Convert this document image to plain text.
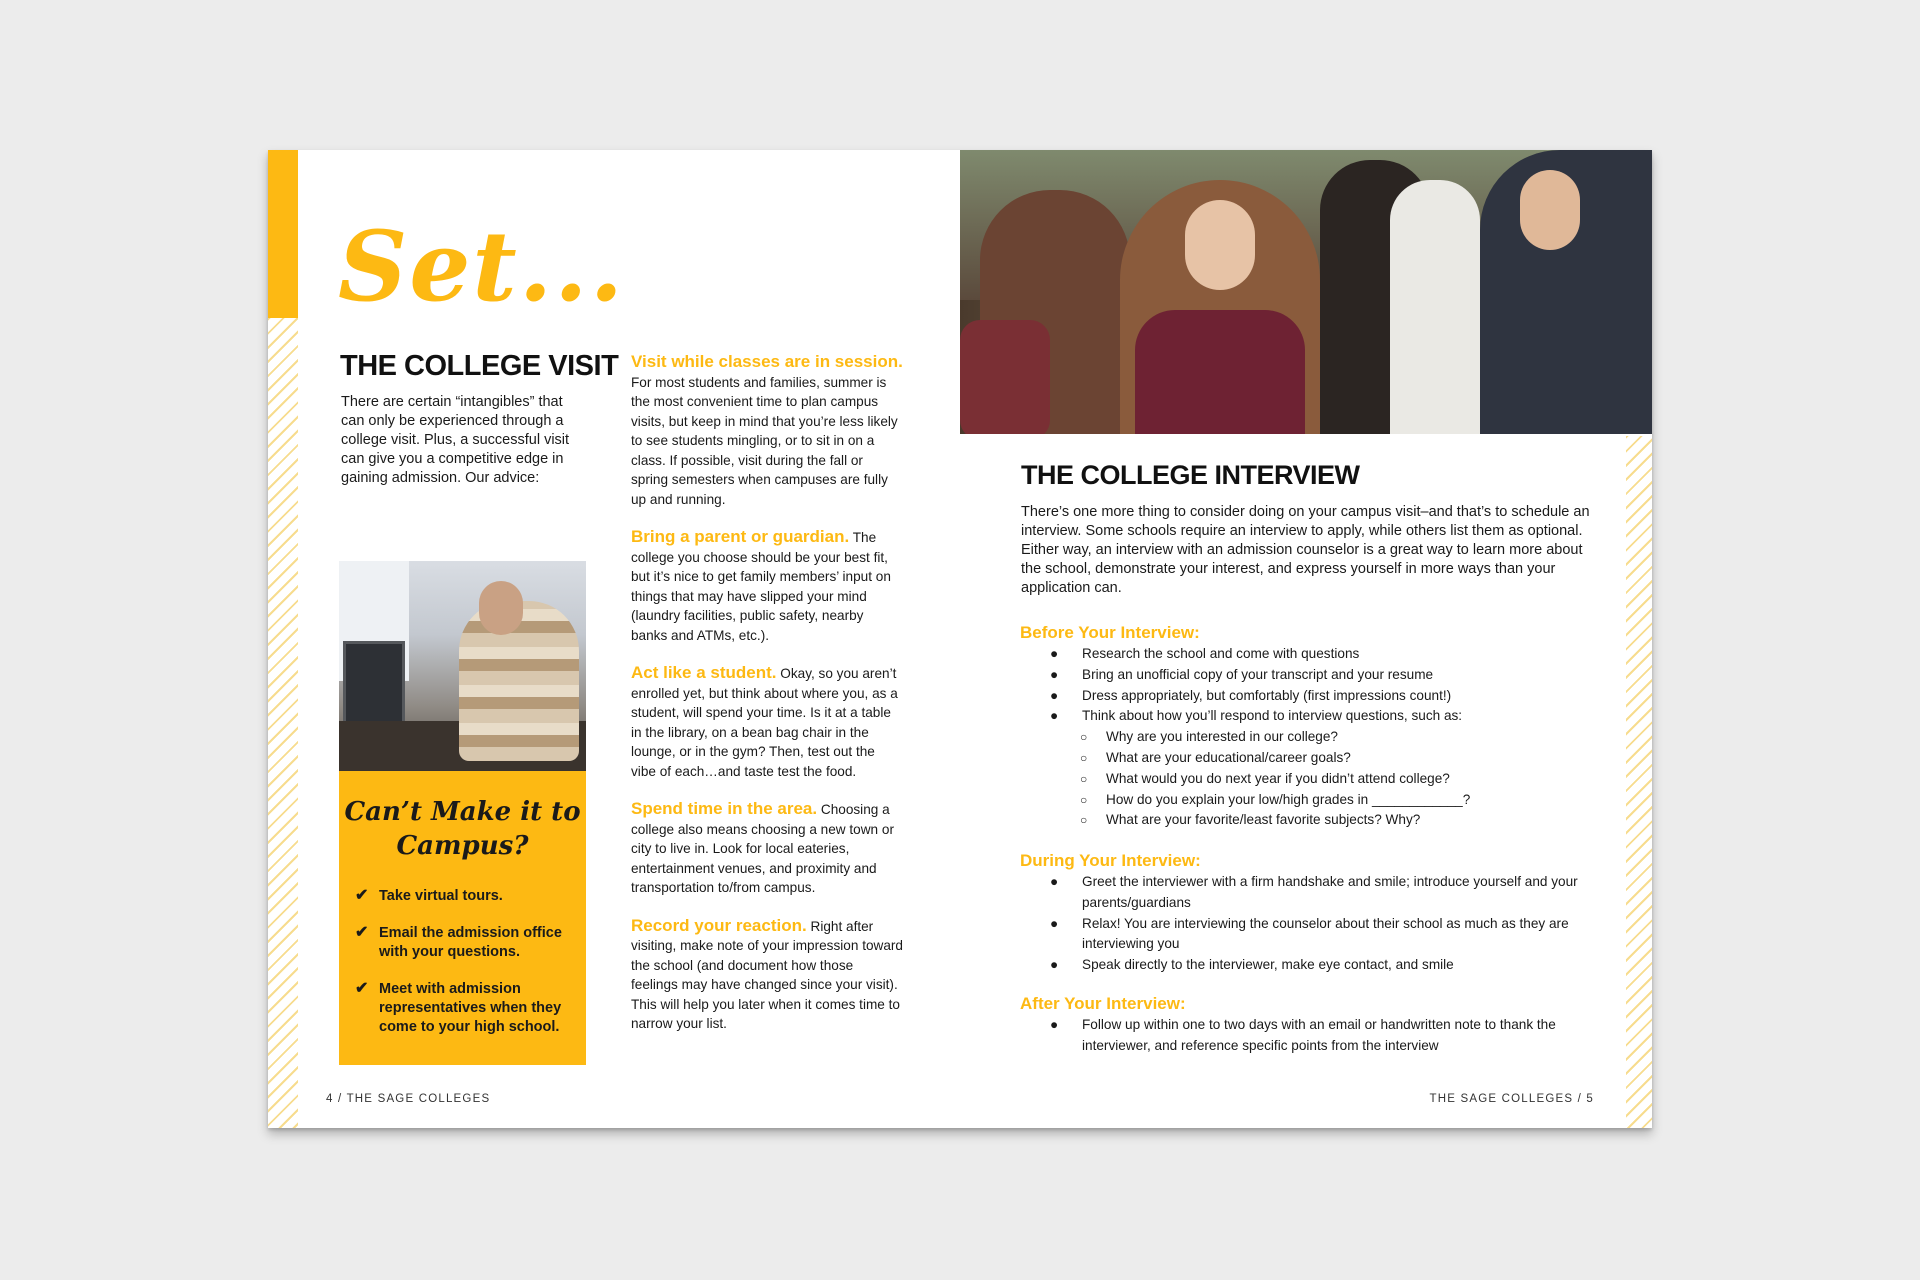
Set...
THE COLLEGE VISIT

There are certain “intangibles” that can only be experienced through a college visit. Plus, a successful visit can give you a competitive edge in gaining admission. Our advice:

Can’t Make it to Campus?
✔ Take virtual tours.
✔ Email the admission office with your questions.
✔ Meet with admission representatives when they come to your high school.

Visit while classes are in session. For most students and families, summer is the most convenient time to plan campus visits, but keep in mind that you’re less likely to see students mingling, or to sit in on a class. If possible, visit during the fall or spring semesters when campuses are fully up and running.

Bring a parent or guardian. The college you choose should be your best fit, but it’s nice to get family members’ input on things that may have slipped your mind (laundry facilities, public safety, nearby banks and ATMs, etc.).

Act like a student. Okay, so you aren’t enrolled yet, but think about where you, as a student, will spend your time. Is it at a table in the library, on a bean bag chair in the lounge, or in the gym? Then, test out the vibe of each…and taste test the food.

Spend time in the area. Choosing a college also means choosing a new town or city to live in. Look for local eateries, entertainment venues, and proximity and transportation to/from campus.

Record your reaction. Right after visiting, make note of your impression toward the school (and document how those feelings may have changed since your visit). This will help you later when it comes time to narrow your list.

4 / THE SAGE COLLEGES
THE COLLEGE INTERVIEW

There’s one more thing to consider doing on your campus visit–and that’s to schedule an interview. Some schools require an interview to apply, while others list them as optional. Either way, an interview with an admission counselor is a great way to learn more about the school, demonstrate your interest, and express yourself in more ways than your application can.

Before Your Interview:
● Research the school and come with questions
● Bring an unofficial copy of your transcript and your resume
● Dress appropriately, but comfortably (first impressions count!)
● Think about how you’ll respond to interview questions, such as:
○ Why are you interested in our college?
○ What are your educational/career goals?
○ What would you do next year if you didn’t attend college?
○ How do you explain your low/high grades in ____________?
○ What are your favorite/least favorite subjects? Why?
During Your Interview:
● Greet the interviewer with a firm handshake and smile; introduce yourself and your parents/guardians
● Relax! You are interviewing the counselor about their school as much as they are interviewing you
● Speak directly to the interviewer, make eye contact, and smile
After Your Interview:
● Follow up within one to two days with an email or handwritten note to thank the interviewer, and reference specific points from the interview
THE SAGE COLLEGES / 5
